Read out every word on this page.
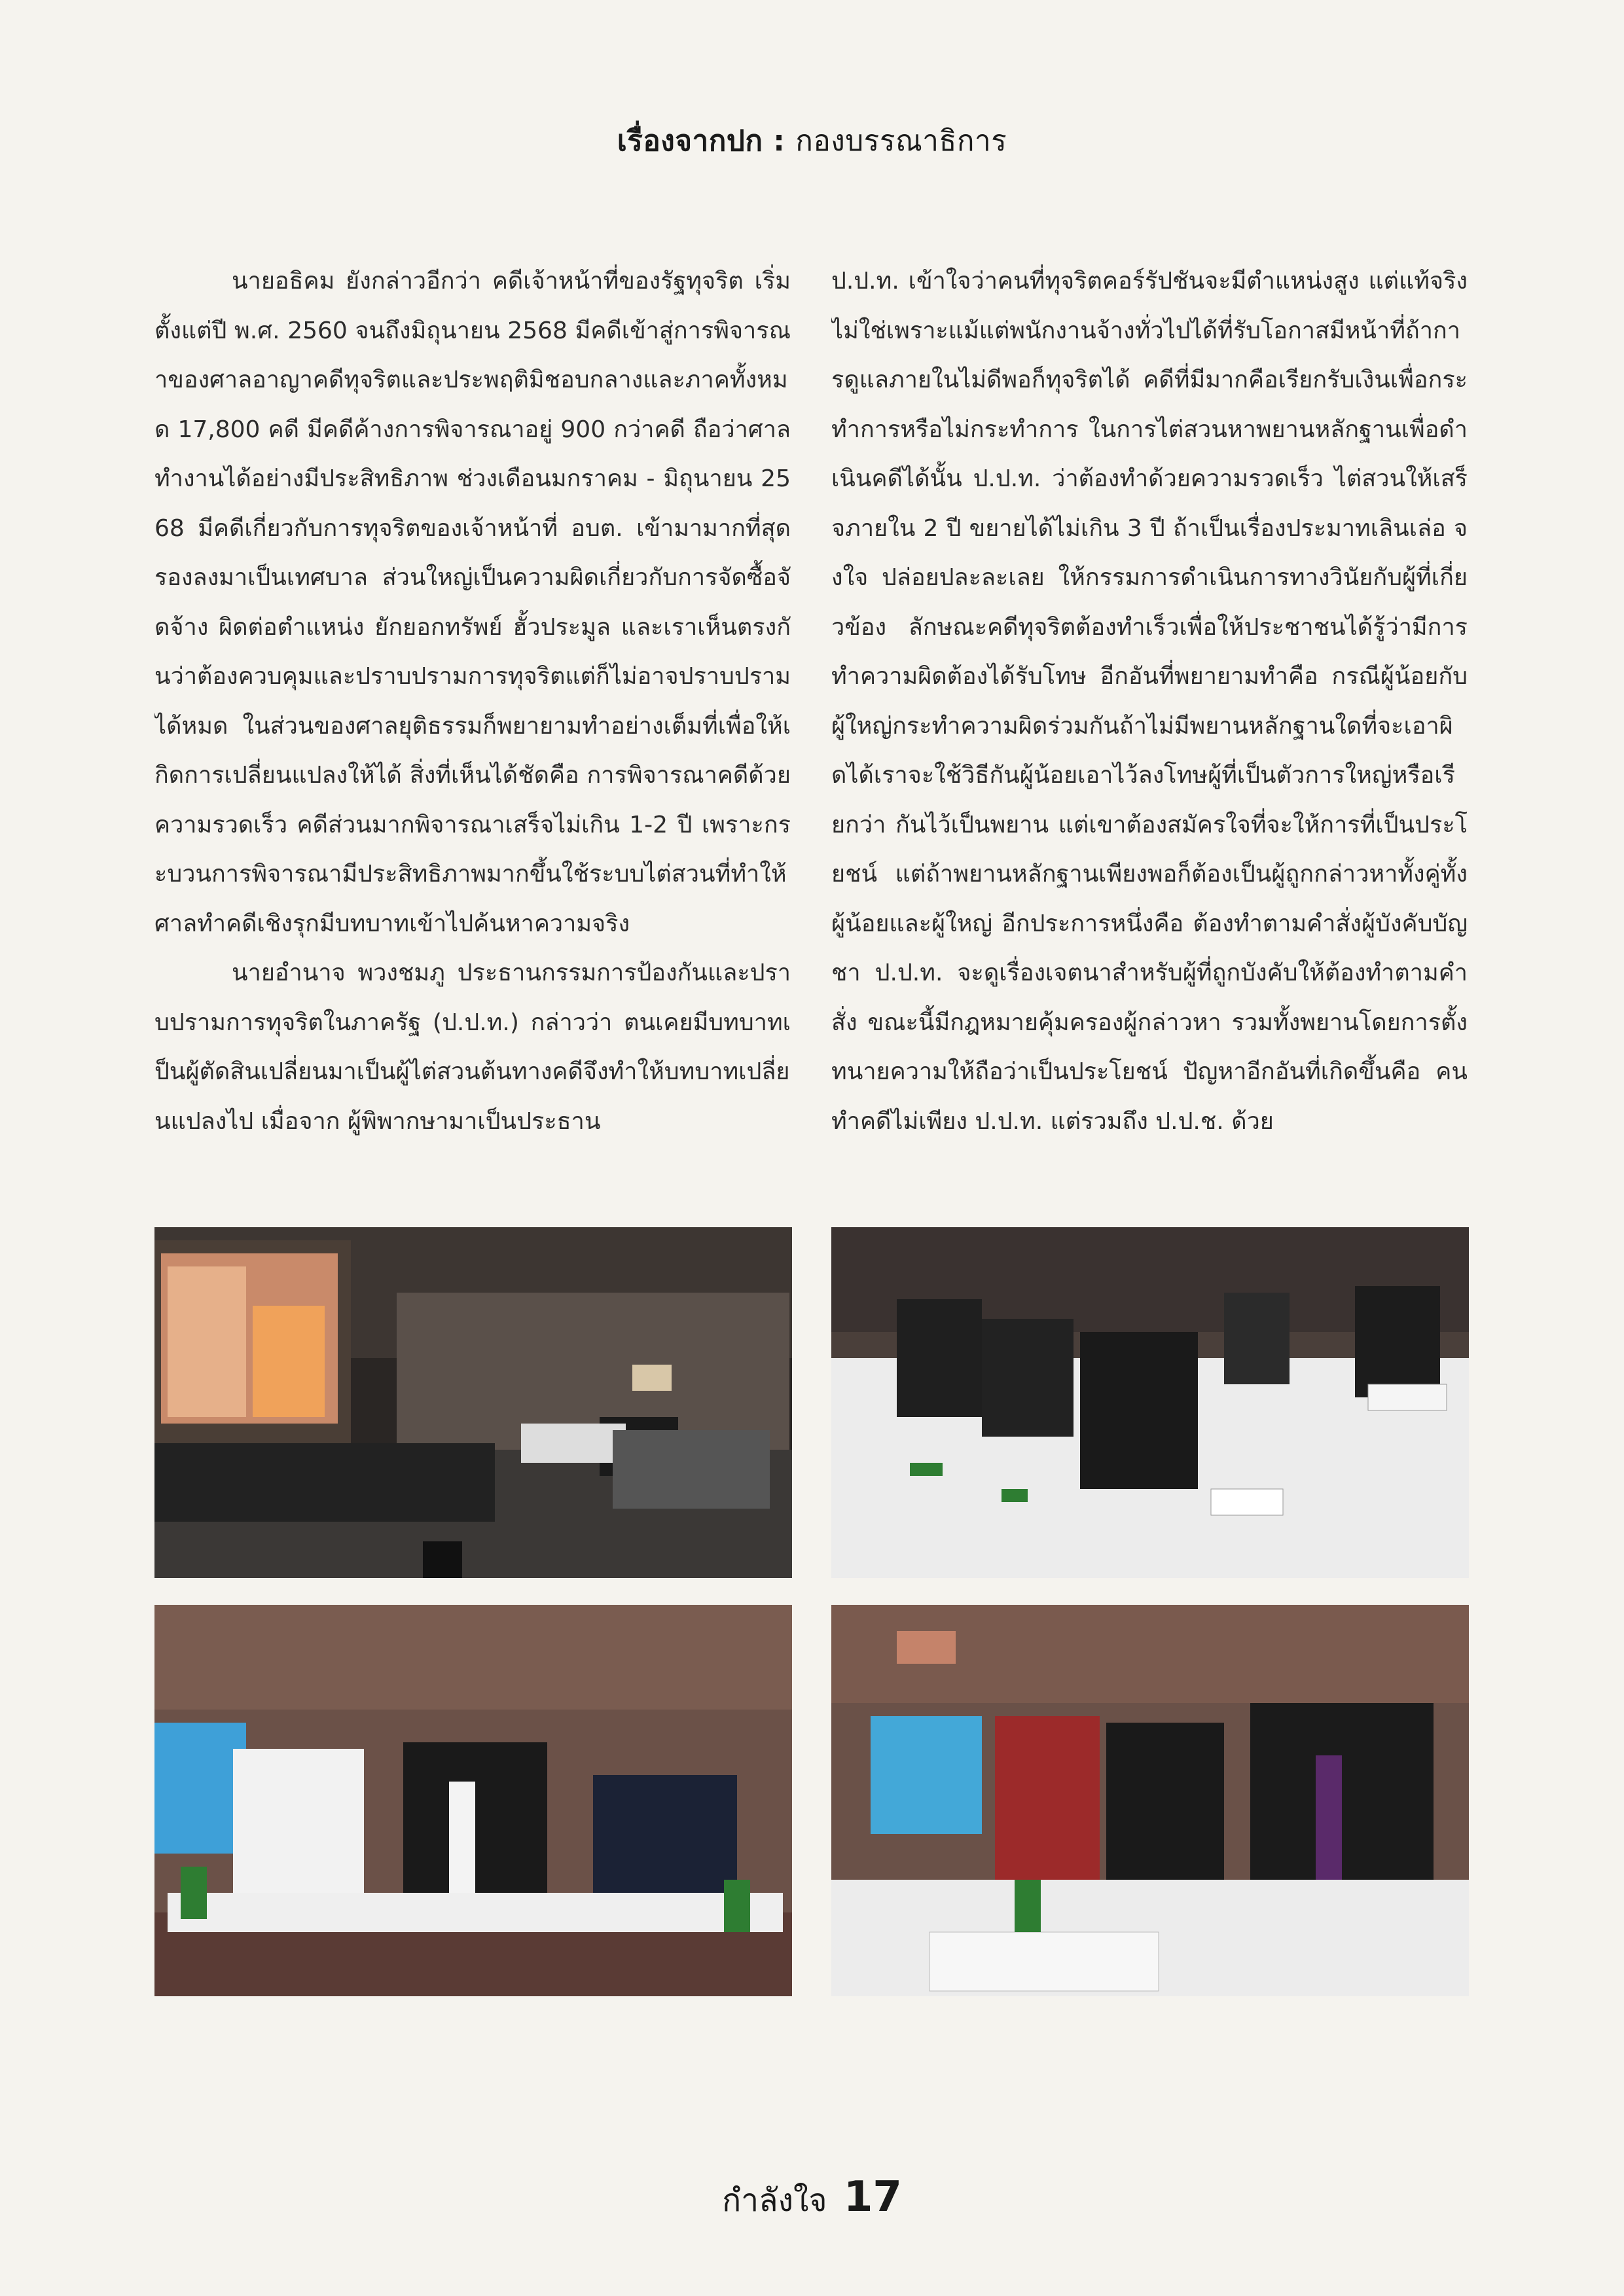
เรื่องจากปก : กองบรรณาธิการ

นายอธิคม ยังกล่าวอีกว่า คดีเจ้าหน้าที่ของรัฐทุจริต เริ่มตั้งแต่ปี พ.ศ. 2560 จนถึงมิถุนายน 2568 มีคดีเข้าสู่การพิจารณาของศาลอาญาคดีทุจริตและประพฤติมิชอบกลางและภาคทั้งหมด 17,800 คดี มีคดีค้างการพิจารณาอยู่ 900 กว่าคดี ถือว่าศาลทำงานได้อย่างมีประสิทธิภาพ ช่วงเดือนมกราคม - มิถุนายน 2568 มีคดีเกี่ยวกับการทุจริตของเจ้าหน้าที่ อบต. เข้ามามากที่สุด รองลงมาเป็นเทศบาล ส่วนใหญ่เป็นความผิดเกี่ยวกับการจัดซื้อจัดจ้าง ผิดต่อตำแหน่ง ยักยอกทรัพย์ ฮั้วประมูล และเราเห็นตรงกันว่าต้องควบคุมและปราบปรามการทุจริตแต่ก็ไม่อาจปราบปรามได้หมด ในส่วนของศาลยุติธรรมก็พยายามทำอย่างเต็มที่เพื่อให้เกิดการเปลี่ยนแปลงให้ได้ สิ่งที่เห็นได้ชัดคือ การพิจารณาคดีด้วยความรวดเร็ว คดีส่วนมากพิจารณาเสร็จไม่เกิน 1-2 ปี เพราะกระบวนการพิจารณามีประสิทธิภาพมากขึ้นใช้ระบบไต่สวนที่ทำให้ศาลทำคดีเชิงรุกมีบทบาทเข้าไปค้นหาความจริง

นายอำนาจ พวงชมภู ประธานกรรมการป้องกันและปราบปรามการทุจริตในภาครัฐ (ป.ป.ท.) กล่าวว่า ตนเคยมีบทบาทเป็นผู้ตัดสินเปลี่ยนมาเป็นผู้ไต่สวนต้นทางคดีจึงทำให้บทบาทเปลี่ยนแปลงไป เมื่อจาก ผู้พิพากษามาเป็นประธาน

ป.ป.ท. เข้าใจว่าคนที่ทุจริตคอร์รัปชันจะมีตำแหน่งสูง แต่แท้จริงไม่ใช่เพราะแม้แต่พนักงานจ้างทั่วไปได้ที่รับโอกาสมีหน้าที่ถ้าการดูแลภายในไม่ดีพอก็ทุจริตได้ คดีที่มีมากคือเรียกรับเงินเพื่อกระทำการหรือไม่กระทำการ ในการไต่สวนหาพยานหลักฐานเพื่อดำเนินคดีได้นั้น ป.ป.ท. ว่าต้องทำด้วยความรวดเร็ว ไต่สวนให้เสร็จภายใน 2 ปี ขยายได้ไม่เกิน 3 ปี ถ้าเป็นเรื่องประมาทเลินเล่อ จงใจ ปล่อยปละละเลย ให้กรรมการดำเนินการทางวินัยกับผู้ที่เกี่ยวข้อง ลักษณะคดีทุจริตต้องทำเร็วเพื่อให้ประชาชนได้รู้ว่ามีการทำความผิดต้องได้รับโทษ อีกอันที่พยายามทำคือ กรณีผู้น้อยกับผู้ใหญ่กระทำความผิดร่วมกันถ้าไม่มีพยานหลักฐานใดที่จะเอาผิดได้เราจะใช้วิธีกันผู้น้อยเอาไว้ลงโทษผู้ที่เป็นตัวการใหญ่หรือเรียกว่า กันไว้เป็นพยาน แต่เขาต้องสมัครใจที่จะให้การที่เป็นประโยชน์ แต่ถ้าพยานหลักฐานเพียงพอก็ต้องเป็นผู้ถูกกล่าวหาทั้งคู่ทั้งผู้น้อยและผู้ใหญ่ อีกประการหนึ่งคือ ต้องทำตามคำสั่งผู้บังคับบัญชา ป.ป.ท. จะดูเรื่องเจตนาสำหรับผู้ที่ถูกบังคับให้ต้องทำตามคำสั่ง ขณะนี้มีกฎหมายคุ้มครองผู้กล่าวหา รวมทั้งพยานโดยการตั้งทนายความให้ถือว่าเป็นประโยชน์ ปัญหาอีกอันที่เกิดขึ้นคือ คนทำคดีไม่เพียง ป.ป.ท. แต่รวมถึง ป.ป.ช. ด้วย

กำลังใจ 17
